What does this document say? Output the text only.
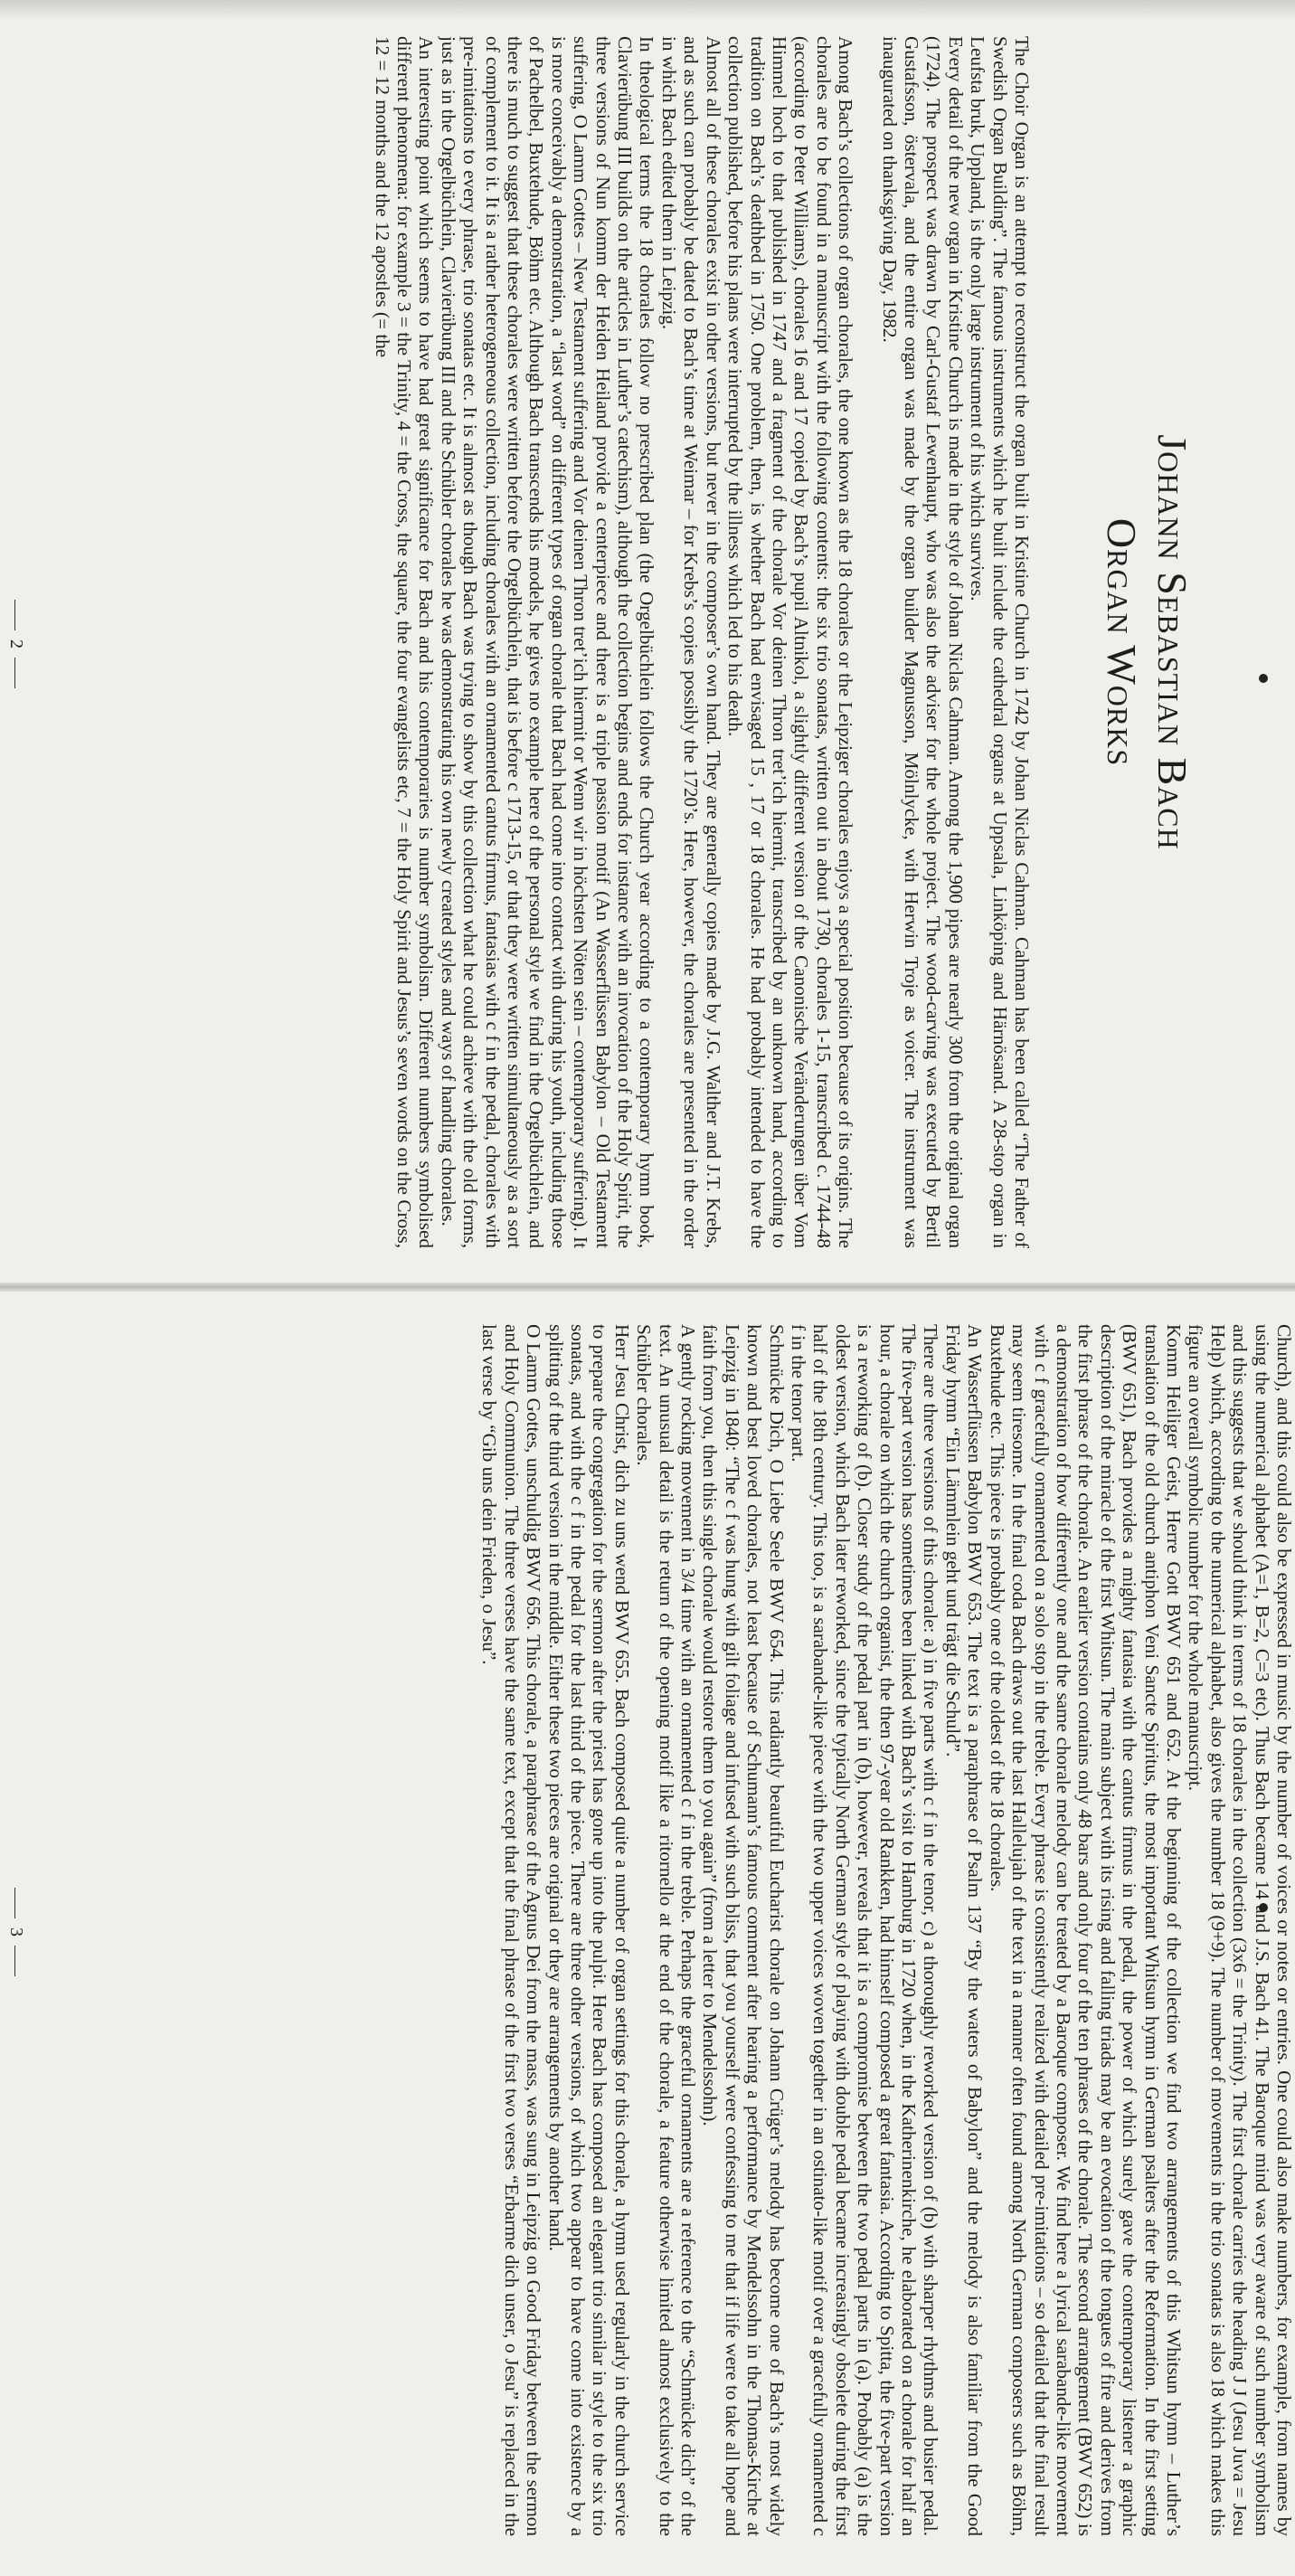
Johann Sebastian Bach
Organ Works

The Choir Organ is an attempt to reconstruct the organ built in Kristine Church in 1742 by Johan Niclas Cahman. Cahman has been called “The Father of Swedish Organ Building”. The famous instruments which he built include the cathedral organs at Uppsala, Linköping and Härnösand. A 28-stop organ in Leufsta bruk, Uppland, is the only large instrument of his which survives.

Every detail of the new organ in Kristine Church is made in the style of Johan Niclas Cahman. Among the 1,900 pipes are nearly 300 from the original organ (1724). The prospect was drawn by Carl-Gustaf Lewenhaupt, who was also the adviser for the whole project. The wood-carving was executed by Bertil Gustafsson, östervala, and the entire organ was made by the organ builder Magnusson, Mölnlycke, with Herwin Troje as voicer. The instrument was inaugurated on thanksgiving Day, 1982.

Among Bach’s collections of organ chorales, the one known as the 18 chorales or the Leipziger chorales enjoys a special position because of its origins. The chorales are to be found in a manuscript with the following contents: the six trio sonatas, written out in about 1730, chorales 1-15, transcribed c. 1744-48 (according to Peter Williams), chorales 16 and 17 copied by Bach’s pupil Altnikol, a slightly different version of the Canonische Veränderungen über Vom Himmel hoch to that published in 1747 and a fragment of the chorale Vor deinen Thron tret’ich hiermit, transcribed by an unknown hand, according to tradition on Bach’s deathbed in 1750. One problem, then, is whether Bach had envisaged 15 , 17 or 18 chorales. He had probably intended to have the collection published, before his plans were interrupted by the illness which led to his death.

Almost all of these chorales exist in other versions, but never in the composer’s own hand. They are generally copies made by J.G. Walther and J.T. Krebs, and as such can probably be dated to Bach’s time at Weimar – for Krebs’s copies possibly the 1720’s. Here, however, the chorales are presented in the order in which Bach edited them in Leipzig.

In theological terms the 18 chorales follow no prescribed plan (the Orgelbüchlein follows the Church year according to a contemporary hymn book, Clavierübung III builds on the articles in Luther’s catechism), although the collection begins and ends for instance with an invocation of the Holy Spirit, the three versions of Nun komm der Heiden Heiland provide a centerpiece and there is a triple passion motif (An Wasserflüssen Babylon – Old Testament suffering, O Lamm Gottes – New Testament suffering and Vor deinen Thron tret’ich hiermit or Wenn wir in höchsten Nöten sein – contemporary suffering). It is more conceivably a demonstration, a “last word” on different types of organ chorale that Bach had come into contact with during his youth, including those of Pachelbel, Buxtehude, Böhm etc. Although Bach transcends his models, he gives no example here of the personal style we find in the Orgelbüchlein, and there is much to suggest that these chorales were written before the Orgelbüchlein, that is before c 1713-15, or that they were written simultaneously as a sort of complement to it. It is a rather heterogeneous collection, including chorales with an ornamented cantus firmus, fantasias with c f in the pedal, chorales with pre-imitations to every phrase, trio sonatas etc. It is almost as though Bach was trying to show by this collection what he could achieve with the old forms, just as in the Orgelbüchlein, Clavierübung III and the Schübler chorales he was demonstrating his own newly created styles and ways of handling chorales.

An interesting point which seems to have had great significance for Bach and his contemporaries is number symbolism. Different numbers symbolised different phenomena: for example 3 = the Trinity, 4 = the Cross, the square, the four evangelists etc, 7 = the Holy Spirit and Jesus’s seven words on the Cross, 12 = 12 months and the 12 apostles (= the

2

Church), and this could also be expressed in music by the number of voices or notes or entries. One could also make numbers, for example, from names by using the numerical alphabet (A=1, B=2, C=3 etc). Thus Bach became 14 and J.S. Bach 41. The Baroque mind was very aware of such number symbolism and this suggests that we should think in terms of 18 chorales in the collection (3x6 = the Trinity). The first chorale carries the heading J J (Jesu Juva = Jesu Help) which, according to the numerical alphabet, also gives the number 18 (9+9). The number of movements in the trio sonatas is also 18 which makes this figure an overall symbolic number for the whole manuscript.

Komm Heiliger Geist, Herre Gott BWV 651 and 652. At the beginning of the collection we find two arrangements of this Whitsun hymn – Luther’s translation of the old church antiphon Veni Sancte Spiritus, the most important Whitsun hymn in German psalters after the Reformation. In the first setting (BWV 651), Bach provides a mighty fantasia with the cantus firmus in the pedal, the power of which surely gave the contemporary listener a graphic description of the miracle of the first Whitsun. The main subject with its rising and falling triads may be an evocation of the tongues of fire and derives from the first phrase of the chorale. An earlier version contains only 48 bars and only four of the ten phrases of the chorale. The second arrangement (BWV 652) is a demonstration of how differently one and the same chorale melody can be treated by a Baroque composer. We find here a lyrical sarabande-like movement with c f gracefully ornamented on a solo stop in the treble. Every phrase is consistently realized with detailed pre-imitations – so detailed that the final result may seem tiresome. In the final coda Bach draws out the last Hallelujah of the text in a manner often found among North German composers such as Böhm, Buxtehude etc. This piece is probably one of the oldest of the 18 chorales.

An Wasserflüssen Babylon BWV 653. The text is a paraphrase of Psalm 137 “By the waters of Babylon” and the melody is also familiar from the Good Friday hymn “Ein Lämmlein geht und trägt die Schuld”.

There are three versions of this chorale: a) in five parts with c f in the tenor, c) a thoroughly reworked version of (b) with sharper rhythms and busier pedal. The five-part version has sometimes been linked with Bach’s visit to Hamburg in 1720 when, in the Katherinenkirche, he elaborated on a chorale for half an hour, a chorale on which the church organist, the then 97-year old Rankken, had himself composed a great fantasia. According to Spitta, the five-part version is a reworking of (b). Closer study of the pedal part in (b), however, reveals that it is a compromise between the two pedal parts in (a). Probably (a) is the oldest version, which Bach later reworked, since the typically North German style of playing with double pedal became increasingly obsolete during the first half of the 18th century. This too, is a sarabande-like piece with the two upper voices woven together in an ostinato-like motif over a gracefully ornamented c f in the tenor part.

Schmücke Dich, O Liebe Seele BWV 654. This radiantly beautiful Eucharist chorale on Johann Crüger’s melody has become one of Bach’s most widely known and best loved chorales, not least because of Schumann’s famous comment after hearing a performance by Mendelssohn in the Thomas-Kirche at Leipzig in 1840: “The c f was hung with gilt foliage and infused with such bliss, that you yourself were confessing to me that if life were to take all hope and faith from you, then this single chorale would restore them to you again” (from a letter to Mendelssohn).

A gently rocking movement in 3/4 time with an ornamented c f in the treble. Perhaps the graceful ornaments are a reference to the “Schmücke dich” of the text. An unusual detail is the return of the opening motif like a ritornello at the end of the chorale, a feature otherwise limited almost exclusively to the Schübler chorales.

Herr Jesu Christ, dich zu uns wend BWV 655. Bach composed quite a number of organ settings for this chorale, a hymn used regularly in the church service to prepare the congregation for the sermon after the priest has gone up into the pulpit. Here Bach has composed an elegant trio similar in style to the six trio sonatas, and with the c f in the pedal for the last third of the piece. There are three other versions, of which two appear to have come into existence by a splitting of the third version in the middle. Either these two pieces are original or they are arrangements by another hand.

O Lamm Gottes, unschuldig BWV 656. This chorale, a paraphrase of the Agnus Dei from the mass, was sung in Leipzig on Good Friday between the sermon and Holy Communion. The three verses have the same text, except that the final phrase of the first two verses “Erbarme dich unser, o Jesu” is replaced in the last verse by “Gib uns dein Frieden, o Jesu”.

3
